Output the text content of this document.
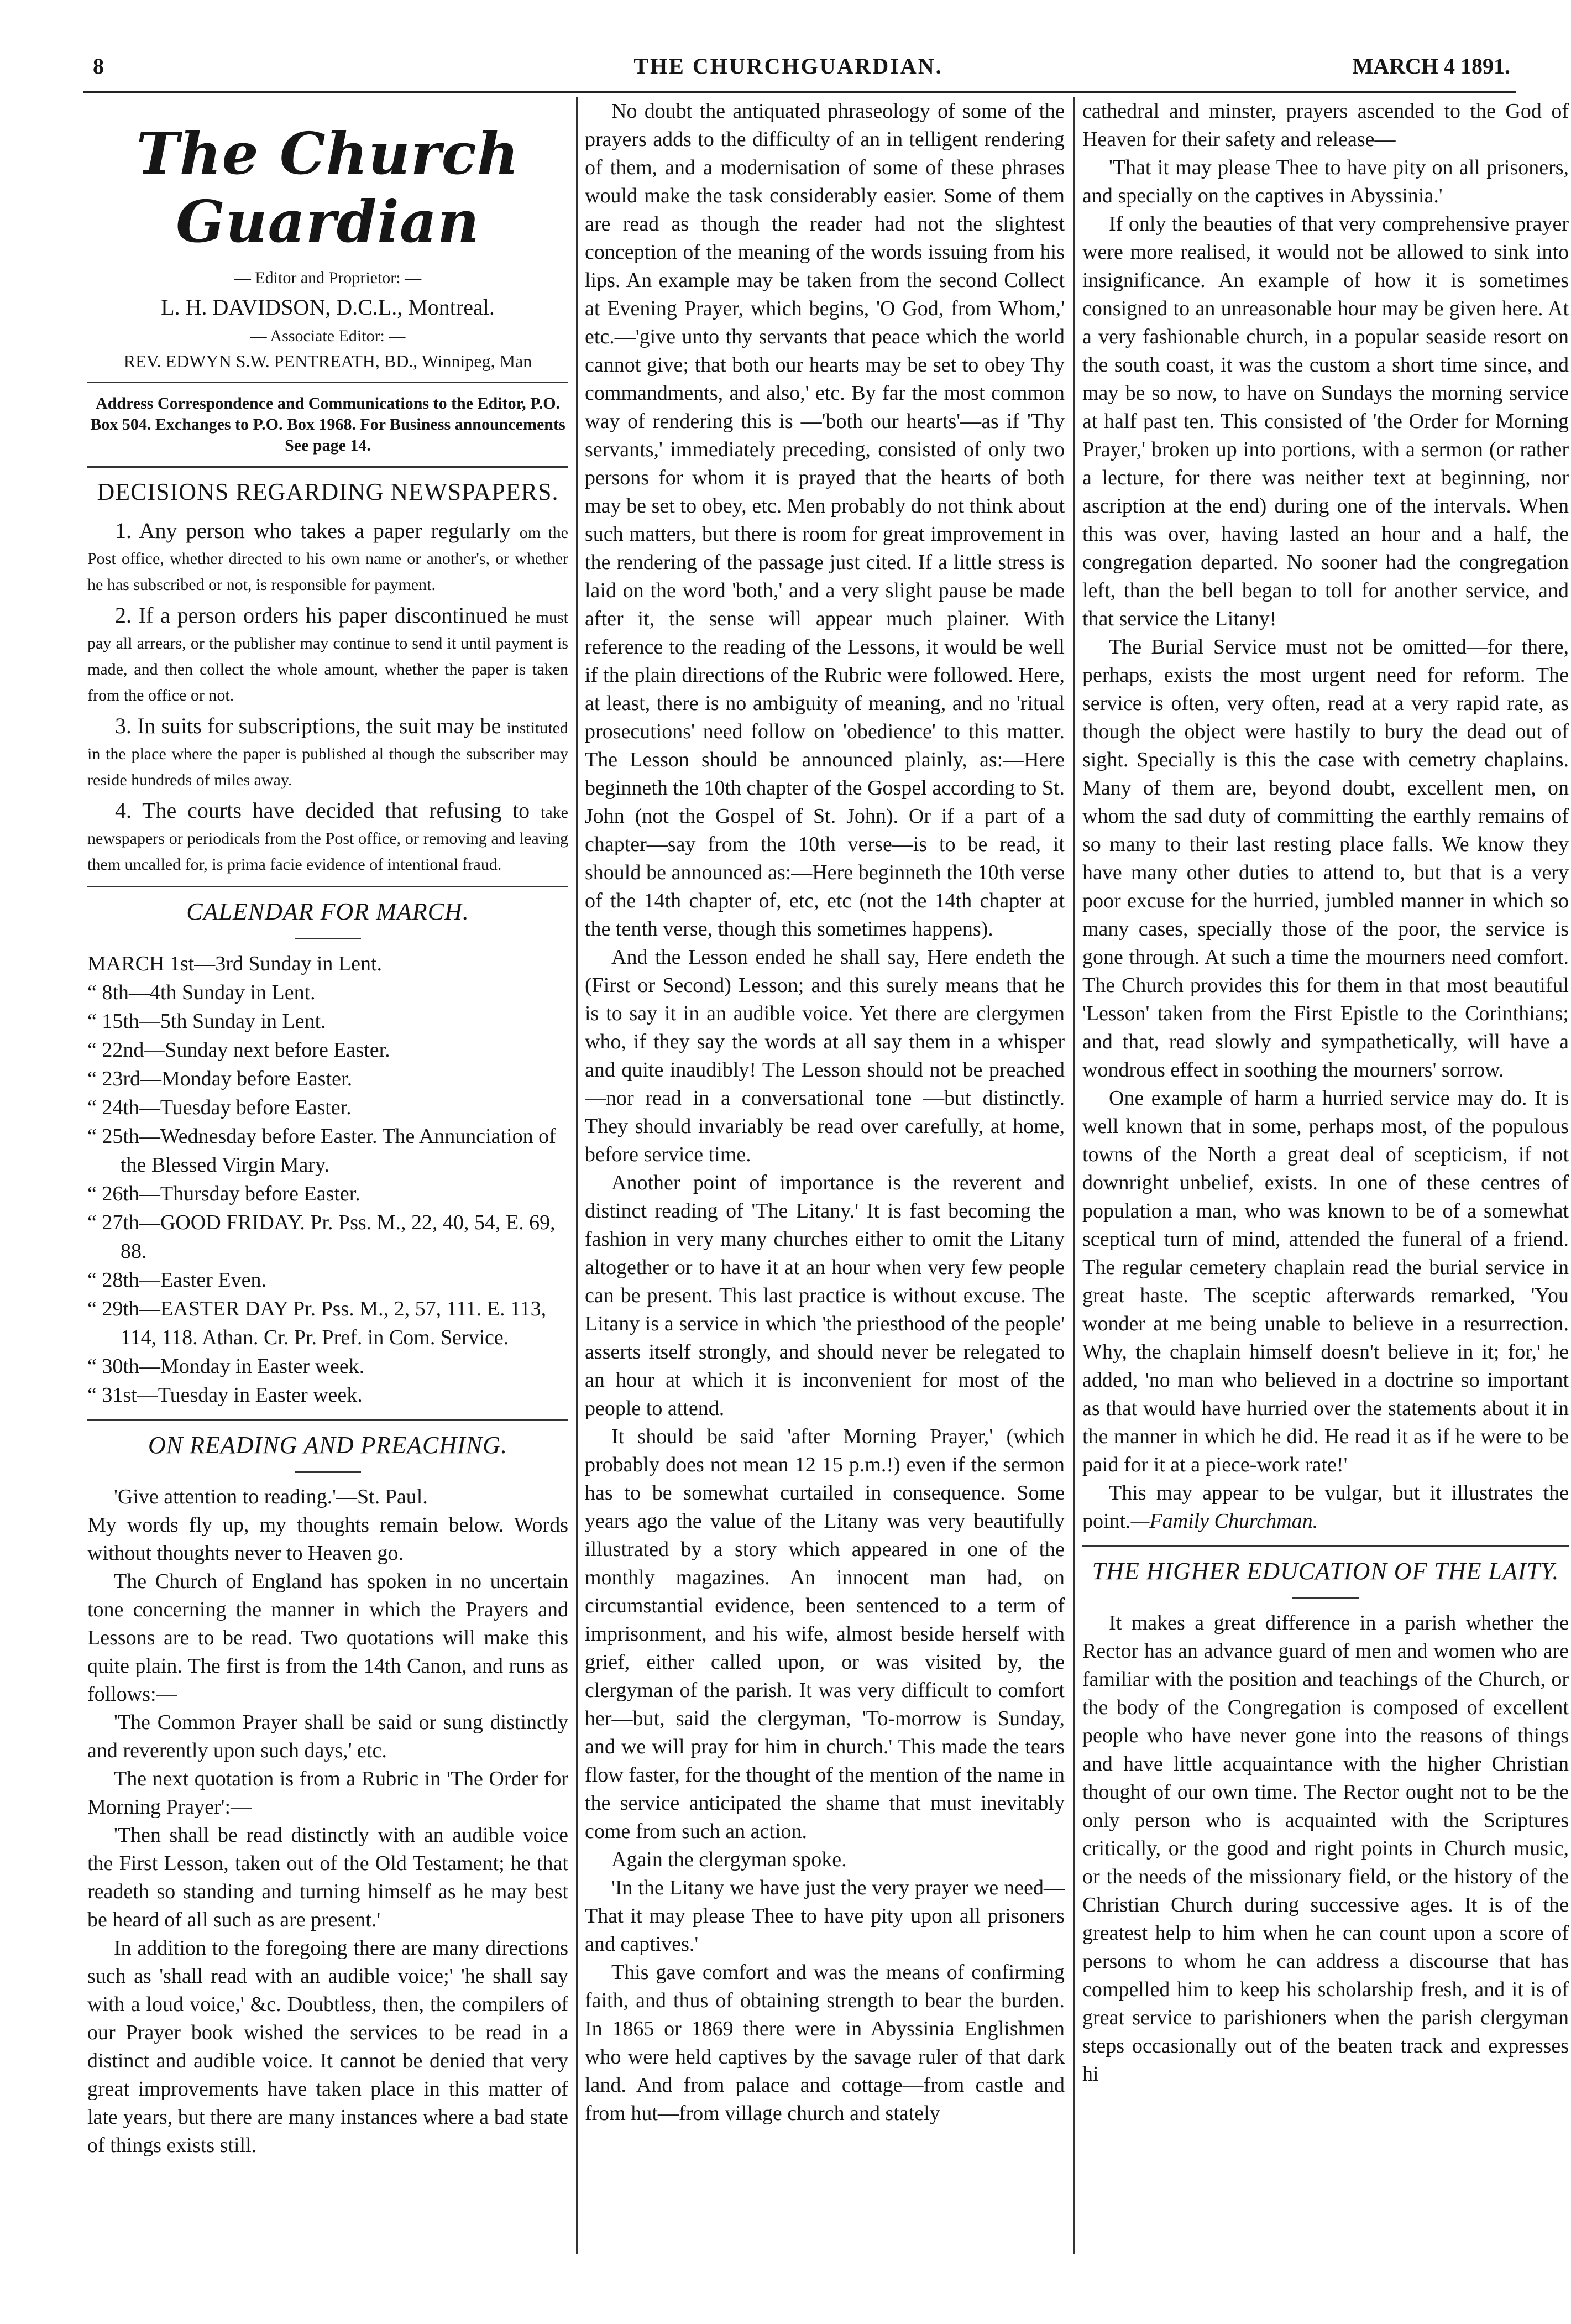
8	THE CHURCHGUARDIAN.	MARCH 4 1891.
The Church Guardian
— Editor and Proprietor: —
L. H. DAVIDSON, D.C.L., Montreal.
— Associate Editor: —
REV. EDWYN S.W. PENTREATH, BD., Winnipeg, Man
Address Correspondence and Communications to the Editor, P.O. Box 504. Exchanges to P.O. Box 1968. For Business announcements See page 14.
DECISIONS REGARDING NEWSPAPERS.
1. Any person who takes a paper regularly om the Post office, whether directed to his own name or another's, or whether he has subscribed or not, is responsible for payment.
2. If a person orders his paper discontinued he must pay all arrears, or the publisher may continue to send it until payment is made, and then collect the whole amount, whether the paper is taken from the office or not.
3. In suits for subscriptions, the suit may be instituted in the place where the paper is published al though the subscriber may reside hundreds of miles away.
4. The courts have decided that refusing to take newspapers or periodicals from the Post office, or removing and leaving them uncalled for, is prima facie evidence of intentional fraud.
CALENDAR FOR MARCH.

MARCH 1st—3rd Sunday in Lent.

“ 8th—4th Sunday in Lent.

“ 15th—5th Sunday in Lent.

“ 22nd—Sunday next before Easter.

“ 23rd—Monday before Easter.

“ 24th—Tuesday before Easter.

“ 25th—Wednesday before Easter. The Annunciation of the Blessed Virgin Mary.

“ 26th—Thursday before Easter.

“ 27th—GOOD FRIDAY. Pr. Pss. M., 22, 40, 54, E. 69, 88.

“ 28th—Easter Even.

“ 29th—EASTER DAY Pr. Pss. M., 2, 57, 111. E. 113, 114, 118. Athan. Cr. Pr. Pref. in Com. Service.

“ 30th—Monday in Easter week.

“ 31st—Tuesday in Easter week.

ON READING AND PREACHING.

'Give attention to reading.'—St. Paul.

My words fly up, my thoughts remain below. Words without thoughts never to Heaven go.

The Church of England has spoken in no uncertain tone concerning the manner in which the Prayers and Lessons are to be read. Two quotations will make this quite plain. The first is from the 14th Canon, and runs as follows:—

'The Common Prayer shall be said or sung distinctly and reverently upon such days,' etc.

The next quotation is from a Rubric in 'The Order for Morning Prayer':—

'Then shall be read distinctly with an audible voice the First Lesson, taken out of the Old Testament; he that readeth so standing and turning himself as he may best be heard of all such as are present.'

In addition to the foregoing there are many directions such as 'shall read with an audible voice;' 'he shall say with a loud voice,' &c. Doubtless, then, the compilers of our Prayer book wished the services to be read in a distinct and audible voice. It cannot be denied that very great improvements have taken place in this matter of late years, but there are many instances where a bad state of things exists still.

No doubt the antiquated phraseology of some of the prayers adds to the difficulty of an in telligent rendering of them, and a modernisation of some of these phrases would make the task considerably easier. Some of them are read as though the reader had not the slightest conception of the meaning of the words issuing from his lips. An example may be taken from the second Collect at Evening Prayer, which begins, 'O God, from Whom,' etc.—'give unto thy servants that peace which the world cannot give; that both our hearts may be set to obey Thy commandments, and also,' etc. By far the most common way of rendering this is —'both our hearts'—as if 'Thy servants,' immediately preceding, consisted of only two persons for whom it is prayed that the hearts of both may be set to obey, etc. Men probably do not think about such matters, but there is room for great improvement in the rendering of the passage just cited. If a little stress is laid on the word 'both,' and a very slight pause be made after it, the sense will appear much plainer. With reference to the reading of the Lessons, it would be well if the plain directions of the Rubric were followed. Here, at least, there is no ambiguity of meaning, and no 'ritual prosecutions' need follow on 'obedience' to this matter. The Lesson should be announced plainly, as:—Here beginneth the 10th chapter of the Gospel according to St. John (not the Gospel of St. John). Or if a part of a chapter—say from the 10th verse—is to be read, it should be announced as:—Here beginneth the 10th verse of the 14th chapter of, etc, etc (not the 14th chapter at the tenth verse, though this sometimes happens).

And the Lesson ended he shall say, Here endeth the (First or Second) Lesson; and this surely means that he is to say it in an audible voice. Yet there are clergymen who, if they say the words at all say them in a whisper and quite inaudibly! The Lesson should not be preached—nor read in a conversational tone —but distinctly. They should invariably be read over carefully, at home, before service time.

Another point of importance is the reverent and distinct reading of 'The Litany.' It is fast becoming the fashion in very many churches either to omit the Litany altogether or to have it at an hour when very few people can be present. This last practice is without excuse. The Litany is a service in which 'the priesthood of the people' asserts itself strongly, and should never be relegated to an hour at which it is inconvenient for most of the people to attend.

It should be said 'after Morning Prayer,' (which probably does not mean 12 15 p.m.!) even if the sermon has to be somewhat curtailed in consequence. Some years ago the value of the Litany was very beautifully illustrated by a story which appeared in one of the monthly magazines. An innocent man had, on circumstantial evidence, been sentenced to a term of imprisonment, and his wife, almost beside herself with grief, either called upon, or was visited by, the clergyman of the parish. It was very difficult to comfort her—but, said the clergyman, 'To-morrow is Sunday, and we will pray for him in church.' This made the tears flow faster, for the thought of the mention of the name in the service anticipated the shame that must inevitably come from such an action.

Again the clergyman spoke.

'In the Litany we have just the very prayer we need—That it may please Thee to have pity upon all prisoners and captives.'

This gave comfort and was the means of confirming faith, and thus of obtaining strength to bear the burden. In 1865 or 1869 there were in Abyssinia Englishmen who were held captives by the savage ruler of that dark land. And from palace and cottage—from castle and from hut—from village church and stately

cathedral and minster, prayers ascended to the God of Heaven for their safety and release—

'That it may please Thee to have pity on all prisoners, and specially on the captives in Abyssinia.'

If only the beauties of that very comprehensive prayer were more realised, it would not be allowed to sink into insignificance. An example of how it is sometimes consigned to an unreasonable hour may be given here. At a very fashionable church, in a popular seaside resort on the south coast, it was the custom a short time since, and may be so now, to have on Sundays the morning service at half past ten. This consisted of 'the Order for Morning Prayer,' broken up into portions, with a sermon (or rather a lecture, for there was neither text at beginning, nor ascription at the end) during one of the intervals. When this was over, having lasted an hour and a half, the congregation departed. No sooner had the congregation left, than the bell began to toll for another service, and that service the Litany!

The Burial Service must not be omitted—for there, perhaps, exists the most urgent need for reform. The service is often, very often, read at a very rapid rate, as though the object were hastily to bury the dead out of sight. Specially is this the case with cemetry chaplains. Many of them are, beyond doubt, excellent men, on whom the sad duty of committing the earthly remains of so many to their last resting place falls. We know they have many other duties to attend to, but that is a very poor excuse for the hurried, jumbled manner in which so many cases, specially those of the poor, the service is gone through. At such a time the mourners need comfort. The Church provides this for them in that most beautiful 'Lesson' taken from the First Epistle to the Corinthians; and that, read slowly and sympathetically, will have a wondrous effect in soothing the mourners' sorrow.

One example of harm a hurried service may do. It is well known that in some, perhaps most, of the populous towns of the North a great deal of scepticism, if not downright unbelief, exists. In one of these centres of population a man, who was known to be of a somewhat sceptical turn of mind, attended the funeral of a friend. The regular cemetery chaplain read the burial service in great haste. The sceptic afterwards remarked, 'You wonder at me being unable to believe in a resurrection. Why, the chaplain himself doesn't believe in it; for,' he added, 'no man who believed in a doctrine so important as that would have hurried over the statements about it in the manner in which he did. He read it as if he were to be paid for it at a piece-work rate!'

This may appear to be vulgar, but it illustrates the point.—Family Churchman.

THE HIGHER EDUCATION OF THE LAITY.

It makes a great difference in a parish whether the Rector has an advance guard of men and women who are familiar with the position and teachings of the Church, or the body of the Congregation is composed of excellent people who have never gone into the reasons of things and have little acquaintance with the higher Christian thought of our own time. The Rector ought not to be the only person who is acquainted with the Scriptures critically, or the good and right points in Church music, or the needs of the missionary field, or the history of the Christian Church during successive ages. It is of the greatest help to him when he can count upon a score of persons to whom he can address a discourse that has compelled him to keep his scholarship fresh, and it is of great service to parishioners when the parish clergyman steps occasionally out of the beaten track and expresses hi
